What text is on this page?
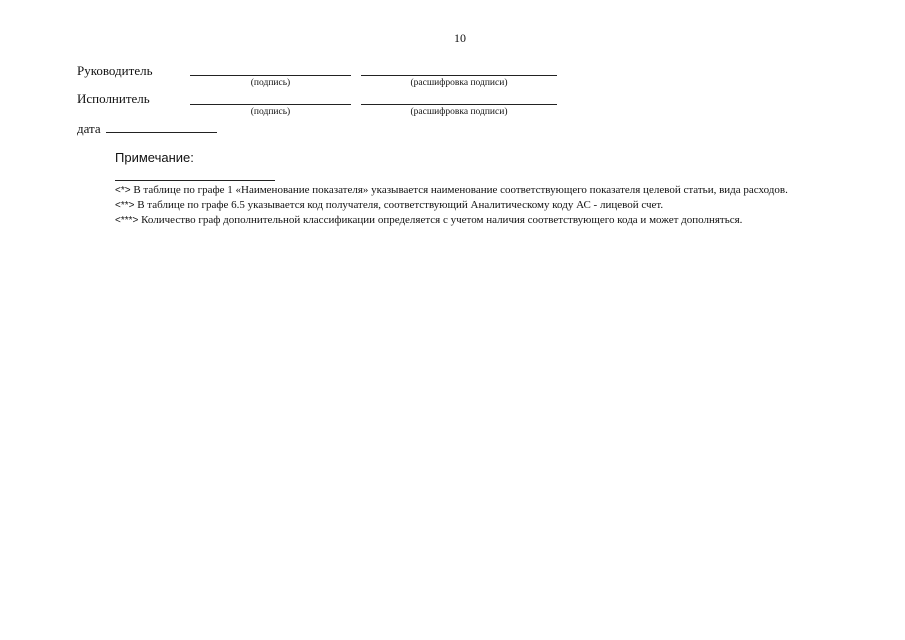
10
Руководитель
(подпись)	(расшифровка подписи)
Исполнитель
(подпись)	(расшифровка подписи)
дата
Примечание:

<*> В таблице по графе 1 «Наименование показателя» указывается наименование соответствующего показателя целевой статьи, вида расходов.

<**> В таблице по графе 6.5 указывается код получателя, соответствующий Аналитическому коду АС - лицевой счет.

<***> Количество граф дополнительной классификации определяется с учетом наличия соответствующего кода и может дополняться.
